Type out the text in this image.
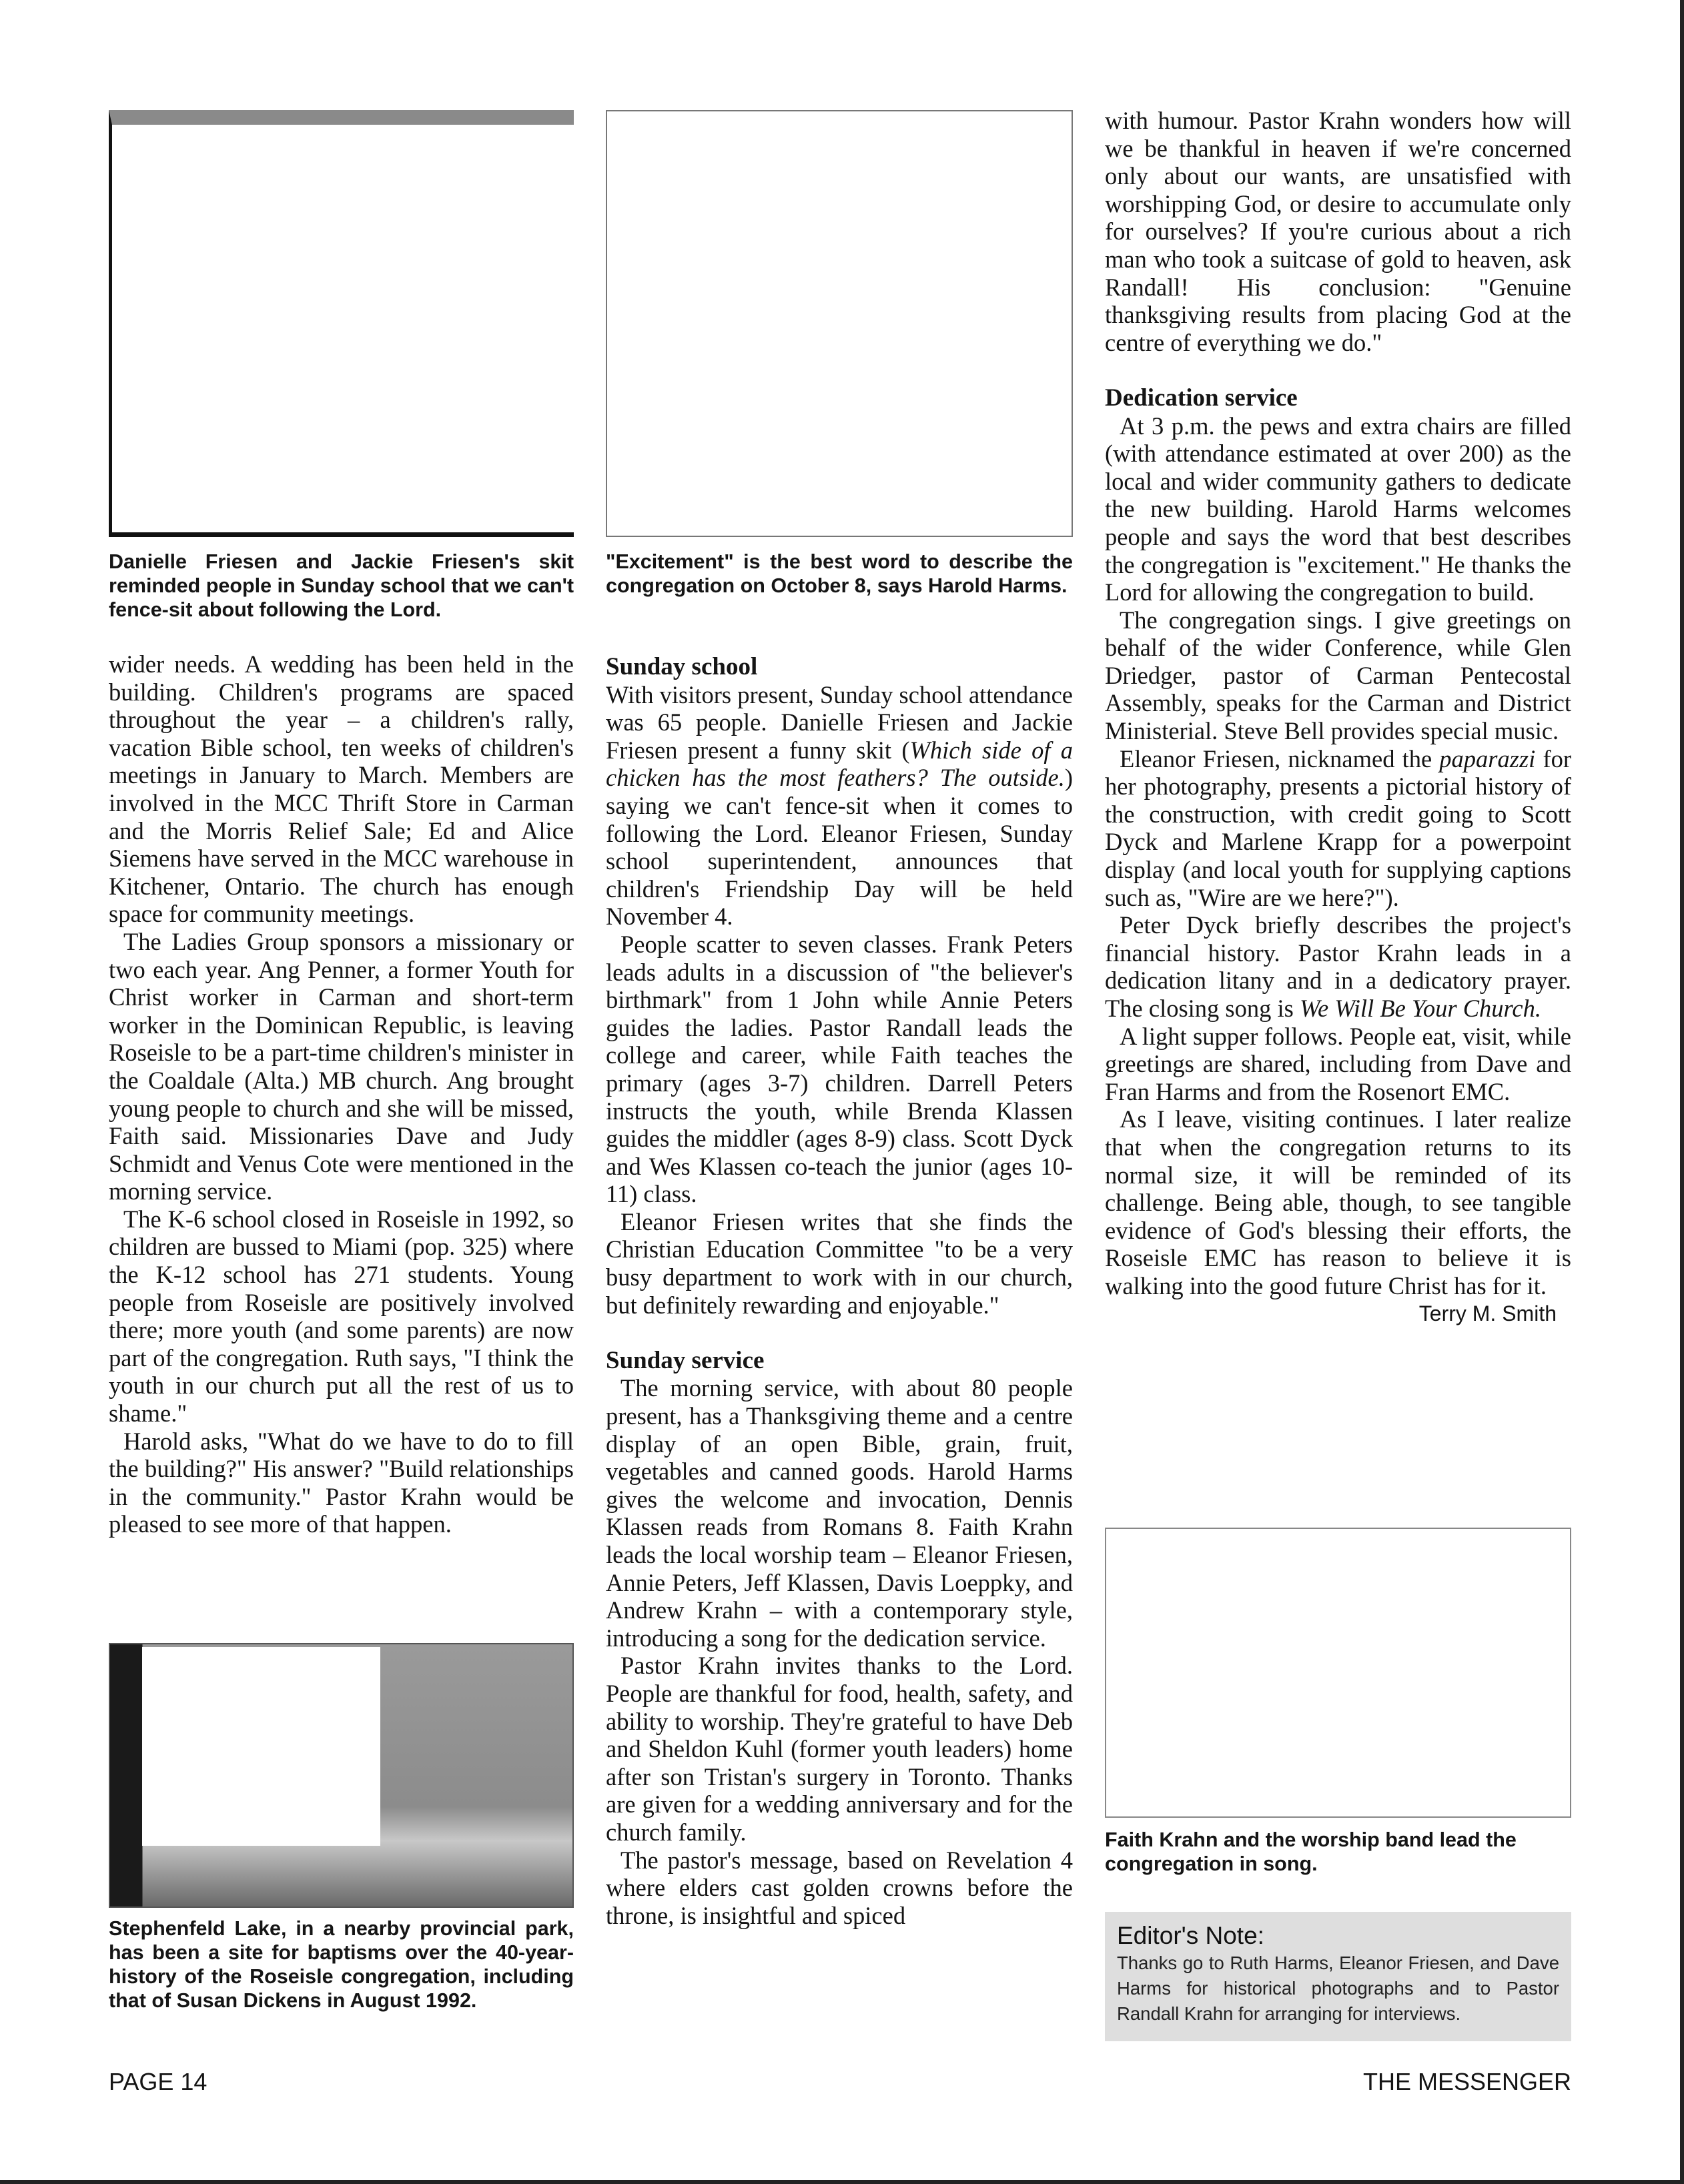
Danielle Friesen and Jackie Friesen's skit reminded people in Sunday school that we can't fence-sit about following the Lord.
"Excitement" is the best word to describe the congregation on October 8, says Harold Harms.

wider needs. A wedding has been held in the building. Children's programs are spaced throughout the year – a children's rally, vacation Bible school, ten weeks of children's meetings in January to March. Members are involved in the MCC Thrift Store in Carman and the Morris Relief Sale; Ed and Alice Siemens have served in the MCC warehouse in Kitchener, Ontario. The church has enough space for community meetings.

The Ladies Group sponsors a missionary or two each year. Ang Penner, a former Youth for Christ worker in Carman and short-term worker in the Dominican Republic, is leaving Roseisle to be a part-time children's minister in the Coaldale (Alta.) MB church. Ang brought young people to church and she will be missed, Faith said. Missionaries Dave and Judy Schmidt and Venus Cote were mentioned in the morning service.

The K-6 school closed in Roseisle in 1992, so children are bussed to Miami (pop. 325) where the K-12 school has 271 students. Young people from Roseisle are positively involved there; more youth (and some parents) are now part of the congregation. Ruth says, "I think the youth in our church put all the rest of us to shame."

Harold asks, "What do we have to do to fill the building?" His answer? "Build relationships in the community." Pastor Krahn would be pleased to see more of that happen.

Stephenfeld Lake, in a nearby provincial park, has been a site for baptisms over the 40-year-history of the Roseisle congregation, including that of Susan Dickens in August 1992.
Sunday school

With visitors present, Sunday school attendance was 65 people. Danielle Friesen and Jackie Friesen present a funny skit (Which side of a chicken has the most feathers? The outside.) saying we can't fence-sit when it comes to following the Lord. Eleanor Friesen, Sunday school superintendent, announces that children's Friendship Day will be held November 4.

People scatter to seven classes. Frank Peters leads adults in a discussion of "the believer's birthmark" from 1 John while Annie Peters guides the ladies. Pastor Randall leads the college and career, while Faith teaches the primary (ages 3-7) children. Darrell Peters instructs the youth, while Brenda Klassen guides the middler (ages 8-9) class. Scott Dyck and Wes Klassen co-teach the junior (ages 10-11) class.

Eleanor Friesen writes that she finds the Christian Education Committee "to be a very busy department to work with in our church, but definitely rewarding and enjoyable."

Sunday service

The morning service, with about 80 people present, has a Thanksgiving theme and a centre display of an open Bible, grain, fruit, vegetables and canned goods. Harold Harms gives the welcome and invocation, Dennis Klassen reads from Romans 8. Faith Krahn leads the local worship team – Eleanor Friesen, Annie Peters, Jeff Klassen, Davis Loeppky, and Andrew Krahn – with a contemporary style, introducing a song for the dedication service.

Pastor Krahn invites thanks to the Lord. People are thankful for food, health, safety, and ability to worship. They're grateful to have Deb and Sheldon Kuhl (former youth leaders) home after son Tristan's surgery in Toronto. Thanks are given for a wedding anniversary and for the church family.

The pastor's message, based on Revelation 4 where elders cast golden crowns before the throne, is insightful and spiced

with humour. Pastor Krahn wonders how will we be thankful in heaven if we're concerned only about our wants, are unsatisfied with worshipping God, or desire to accumulate only for ourselves? If you're curious about a rich man who took a suitcase of gold to heaven, ask Randall! His conclusion: "Genuine thanksgiving results from placing God at the centre of everything we do."

Dedication service

At 3 p.m. the pews and extra chairs are filled (with attendance estimated at over 200) as the local and wider community gathers to dedicate the new building. Harold Harms welcomes people and says the word that best describes the congregation is "excitement." He thanks the Lord for allowing the congregation to build.

The congregation sings. I give greetings on behalf of the wider Conference, while Glen Driedger, pastor of Carman Pentecostal Assembly, speaks for the Carman and District Ministerial. Steve Bell provides special music.

Eleanor Friesen, nicknamed the paparazzi for her photography, presents a pictorial history of the construction, with credit going to Scott Dyck and Marlene Krapp for a powerpoint display (and local youth for supplying captions such as, "Wire are we here?").

Peter Dyck briefly describes the project's financial history. Pastor Krahn leads in a dedication litany and in a dedicatory prayer. The closing song is We Will Be Your Church.

A light supper follows. People eat, visit, while greetings are shared, including from Dave and Fran Harms and from the Rosenort EMC.

As I leave, visiting continues. I later realize that when the congregation returns to its normal size, it will be reminded of its challenge. Being able, though, to see tangible evidence of God's blessing their efforts, the Roseisle EMC has reason to believe it is walking into the good future Christ has for it.

Terry M. Smith
Faith Krahn and the worship band lead the congregation in song.
Editor's Note:
Thanks go to Ruth Harms, Eleanor Friesen, and Dave Harms for historical photographs and to Pastor Randall Krahn for arranging for interviews.
PAGE 14	THE MESSENGER
